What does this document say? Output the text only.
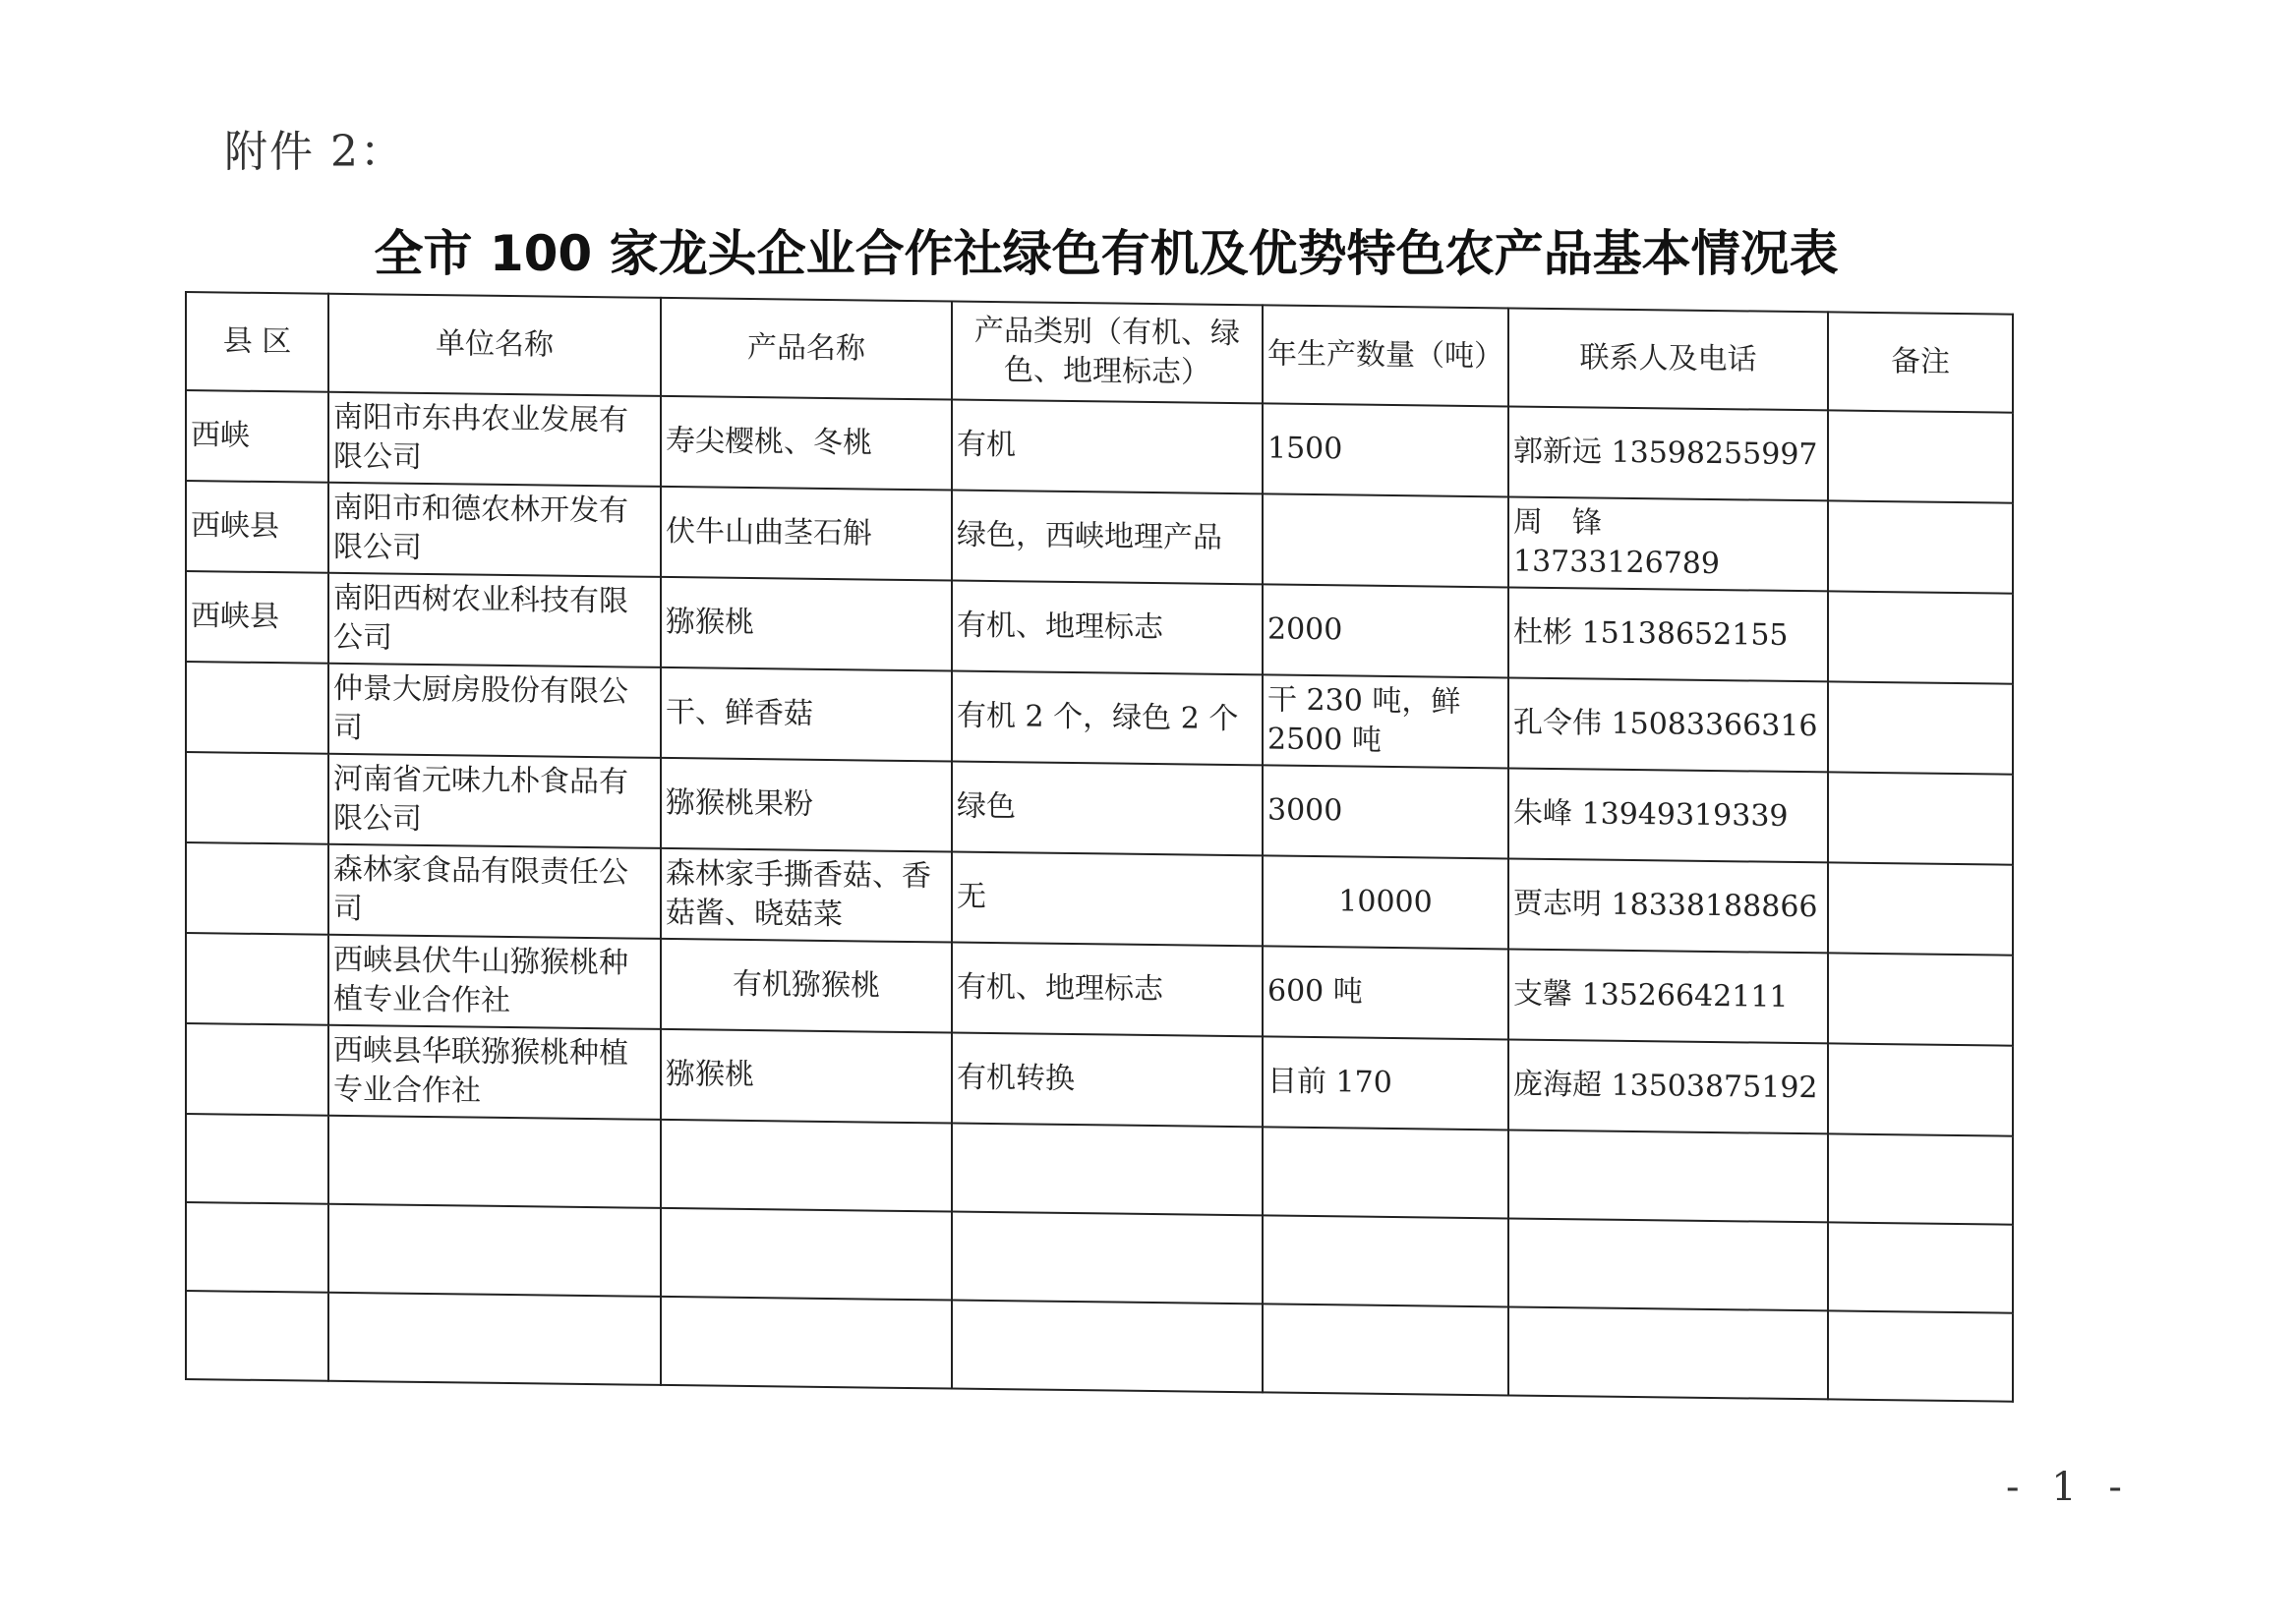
附件 2：
全市 100 家龙头企业合作社绿色有机及优势特色农产品基本情况表
县 区	单位名称	产品名称	产品类别（有机、绿色、地理标志）	年生产数量（吨）	联系人及电话	备注
西峡	南阳市东冉农业发展有限公司	寿尖樱桃、冬桃	有机	1500	郭新远 13598255997	
西峡县	南阳市和德农林开发有限公司	伏牛山曲茎石斛	绿色，西峡地理产品		周　锋　13733126789	
西峡县	南阳西树农业科技有限公司	猕猴桃	有机、地理标志	2000	杜彬 15138652155	
	仲景大厨房股份有限公司	干、鲜香菇	有机 2 个，绿色 2 个	干 230 吨，鲜 2500 吨	孔令伟 15083366316	
	河南省元味九朴食品有限公司	猕猴桃果粉	绿色	3000	朱峰 13949319339	
	森林家食品有限责任公司	森林家手撕香菇、香菇酱、晓菇菜	无	10000	贾志明 18338188866	
	西峡县伏牛山猕猴桃种植专业合作社	有机猕猴桃	有机、地理标志	600 吨	支馨 13526642111	
	西峡县华联猕猴桃种植专业合作社	猕猴桃	有机转换	目前 170	庞海超 13503875192	

- 1 -
